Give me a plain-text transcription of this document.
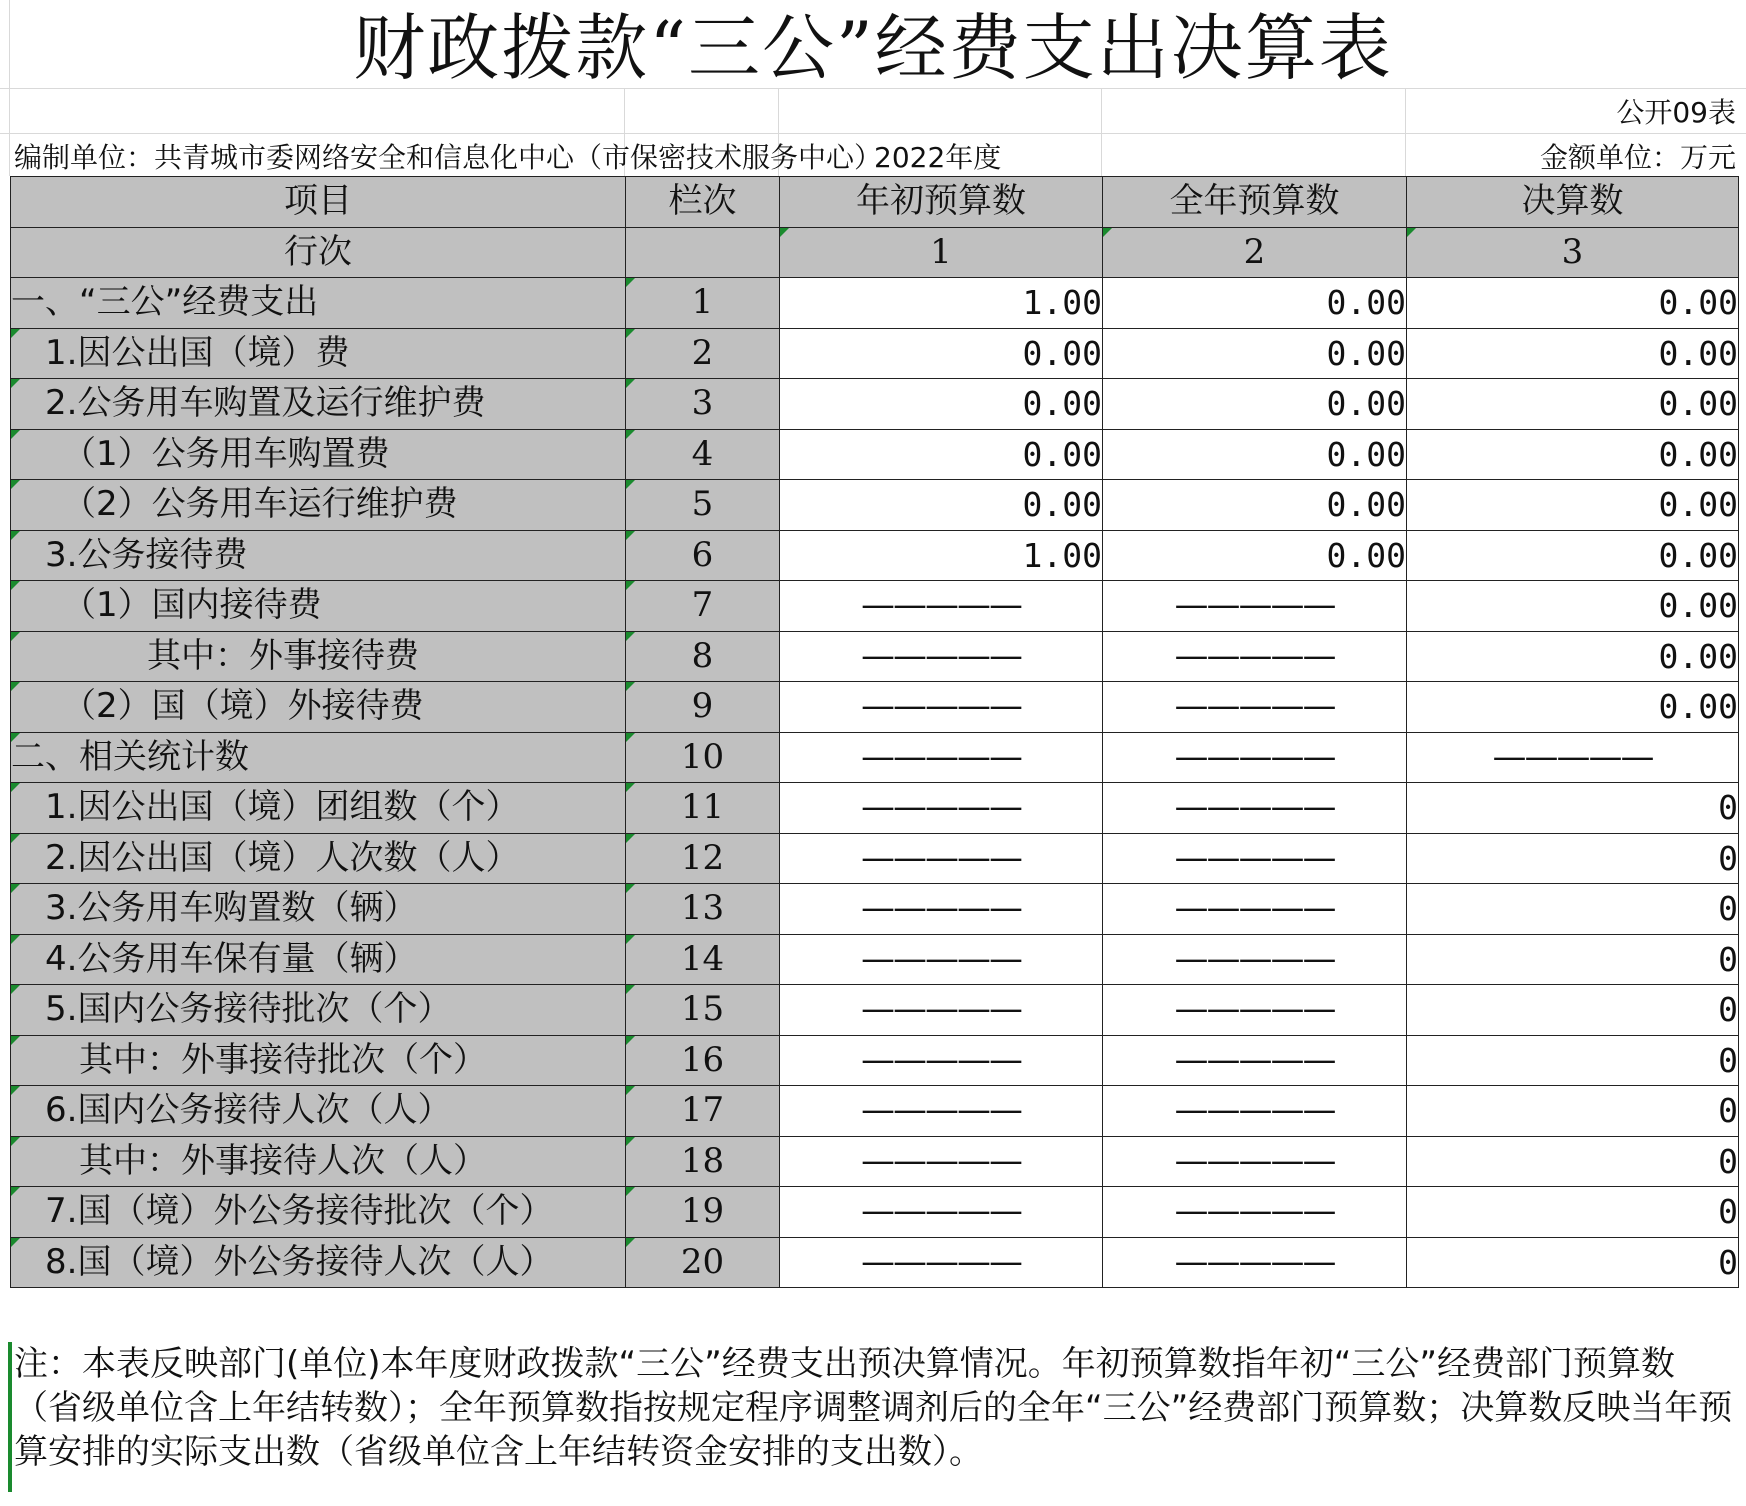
财政拨款“三公”经费支出决算表
公开09表
编制单位：共青城市委网络安全和信息化中心（市保密技术服务中心）
2022年度	金额单位：万元
项目	栏次	年初预算数	全年预算数	决算数
行次		1	2	3
一、“三公”经费支出	1	1.00	0.00	0.00
　1.因公出国（境）费	2	0.00	0.00	0.00
　2.公务用车购置及运行维护费	3	0.00	0.00	0.00
　　（1）公务用车购置费	4	0.00	0.00	0.00
　　（2）公务用车运行维护费	5	0.00	0.00	0.00
　3.公务接待费	6	1.00	0.00	0.00
　　（1）国内接待费	7	—————	—————	0.00
　　　　其中：外事接待费	8	—————	—————	0.00
　　（2）国（境）外接待费	9	—————	—————	0.00
二、相关统计数	10	—————	—————	—————
　1.因公出国（境）团组数（个）	11	—————	—————	0
　2.因公出国（境）人次数（人）	12	—————	—————	0
　3.公务用车购置数（辆）	13	—————	—————	0
　4.公务用车保有量（辆）	14	—————	—————	0
　5.国内公务接待批次（个）	15	—————	—————	0
　　其中：外事接待批次（个）	16	—————	—————	0
　6.国内公务接待人次（人）	17	—————	—————	0
　　其中：外事接待人次（人）	18	—————	—————	0
　7.国（境）外公务接待批次（个）	19	—————	—————	0
　8.国（境）外公务接待人次（人）	20	—————	—————	0
注：本表反映部门(单位)本年度财政拨款“三公”经费支出预决算情况。年初预算数指年初“三公”经费部门预算数（省级单位含上年结转数）；全年预算数指按规定程序调整调剂后的全年“三公”经费部门预算数；决算数反映当年预算安排的实际支出数（省级单位含上年结转资金安排的支出数）。
